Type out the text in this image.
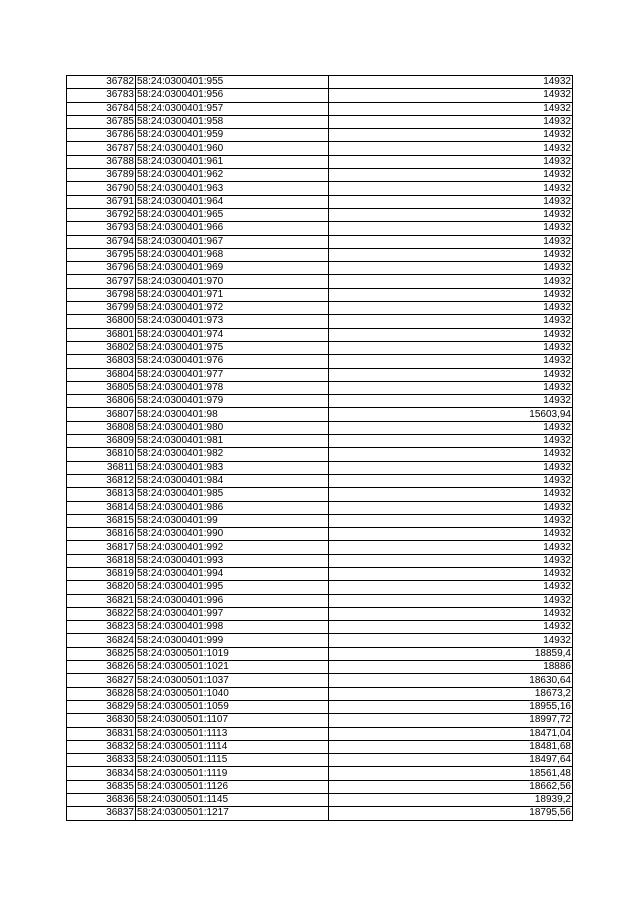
36782	58:24:0300401:955	14932
36783	58:24:0300401:956	14932
36784	58:24:0300401:957	14932
36785	58:24:0300401:958	14932
36786	58:24:0300401:959	14932
36787	58:24:0300401:960	14932
36788	58:24:0300401:961	14932
36789	58:24:0300401:962	14932
36790	58:24:0300401:963	14932
36791	58:24:0300401:964	14932
36792	58:24:0300401:965	14932
36793	58:24:0300401:966	14932
36794	58:24:0300401:967	14932
36795	58:24:0300401:968	14932
36796	58:24:0300401:969	14932
36797	58:24:0300401:970	14932
36798	58:24:0300401:971	14932
36799	58:24:0300401:972	14932
36800	58:24:0300401:973	14932
36801	58:24:0300401:974	14932
36802	58:24:0300401:975	14932
36803	58:24:0300401:976	14932
36804	58:24:0300401:977	14932
36805	58:24:0300401:978	14932
36806	58:24:0300401:979	14932
36807	58:24:0300401:98	15603,94
36808	58:24:0300401:980	14932
36809	58:24:0300401:981	14932
36810	58:24:0300401:982	14932
36811	58:24:0300401:983	14932
36812	58:24:0300401:984	14932
36813	58:24:0300401:985	14932
36814	58:24:0300401:986	14932
36815	58:24:0300401:99	14932
36816	58:24:0300401:990	14932
36817	58:24:0300401:992	14932
36818	58:24:0300401:993	14932
36819	58:24:0300401:994	14932
36820	58:24:0300401:995	14932
36821	58:24:0300401:996	14932
36822	58:24:0300401:997	14932
36823	58:24:0300401:998	14932
36824	58:24:0300401:999	14932
36825	58:24:0300501:1019	18859,4
36826	58:24:0300501:1021	18886
36827	58:24:0300501:1037	18630,64
36828	58:24:0300501:1040	18673,2
36829	58:24:0300501:1059	18955,16
36830	58:24:0300501:1107	18997,72
36831	58:24:0300501:1113	18471,04
36832	58:24:0300501:1114	18481,68
36833	58:24:0300501:1115	18497,64
36834	58:24:0300501:1119	18561,48
36835	58:24:0300501:1126	18662,56
36836	58:24:0300501:1145	18939,2
36837	58:24:0300501:1217	18795,56
